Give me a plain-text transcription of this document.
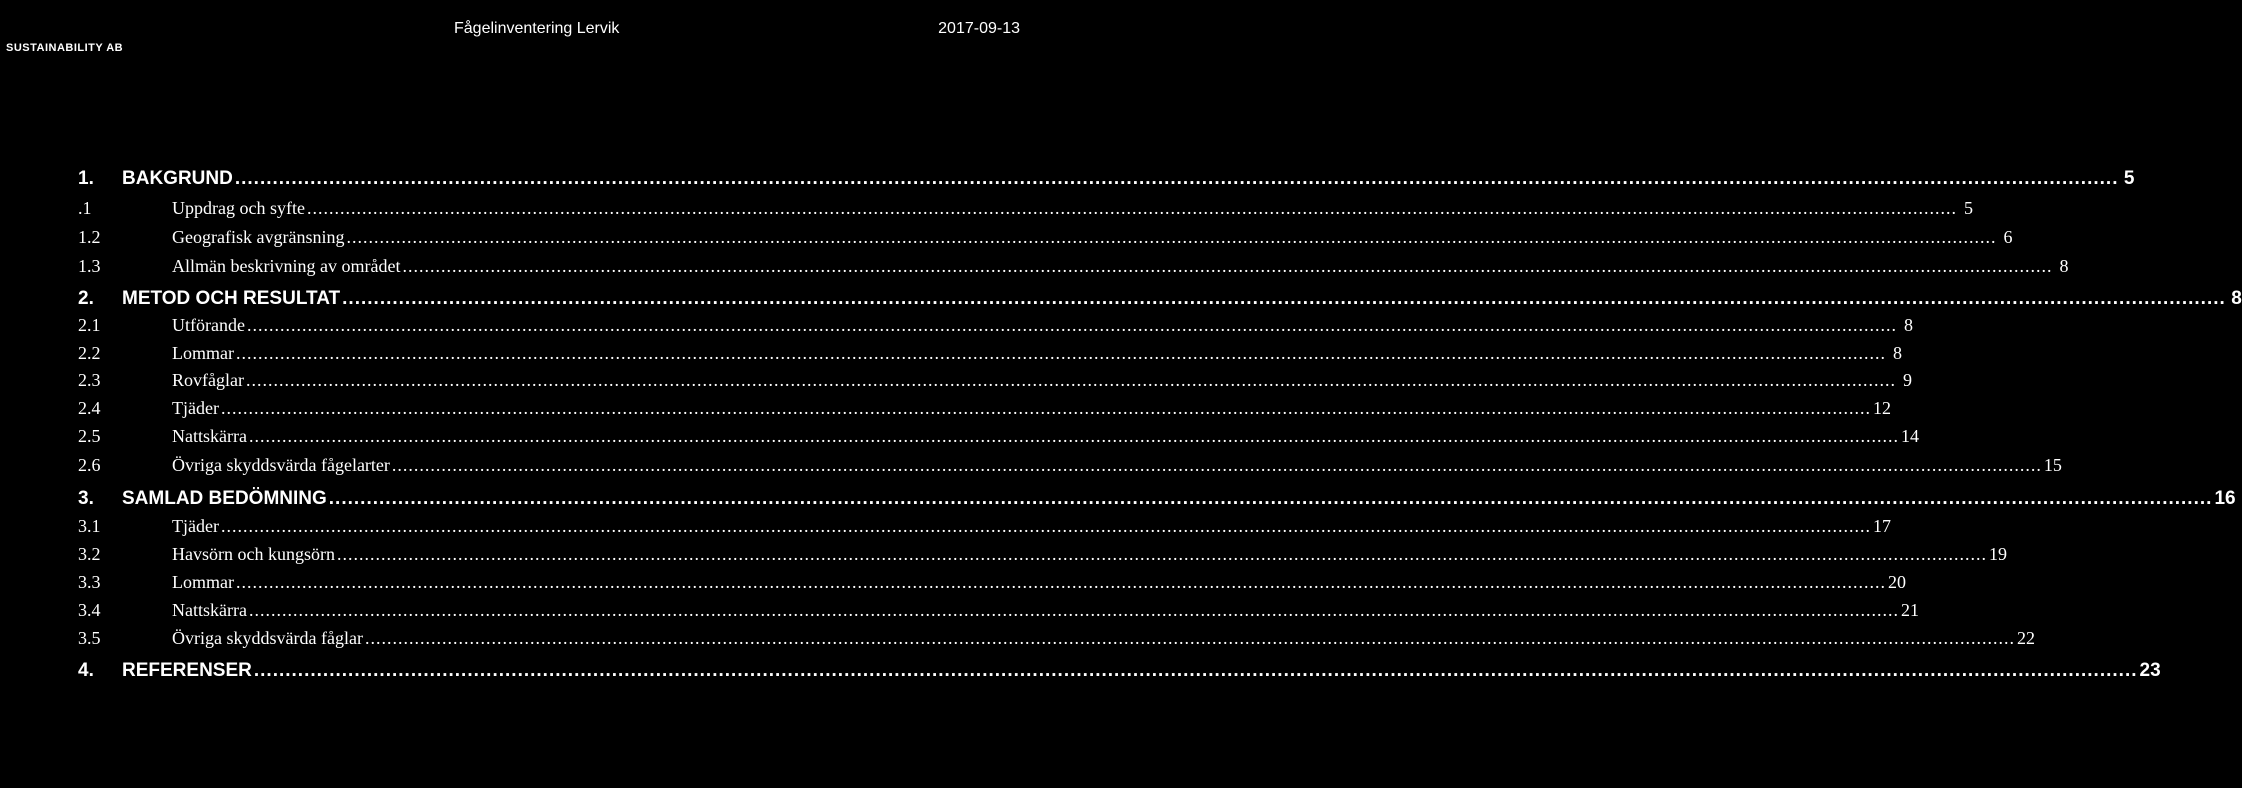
SUSTAINABILITY AB
Fågelinventering Lervik	2017-09-13
1.	BAKGRUND ............................................................................................................................................................................................................................................................................................................ 5
.1	Uppdrag och syfte ............................................................................................................................................................................................................................................................................................................ 5
1.2	Geografisk avgränsning ............................................................................................................................................................................................................................................................................................................ 6
1.3	Allmän beskrivning av området ............................................................................................................................................................................................................................................................................................................ 8
2.	METOD OCH RESULTAT ............................................................................................................................................................................................................................................................................................................ 8
2.1	Utförande ............................................................................................................................................................................................................................................................................................................ 8
2.2	Lommar ............................................................................................................................................................................................................................................................................................................ 8
2.3	Rovfåglar ............................................................................................................................................................................................................................................................................................................ 9
2.4	Tjäder ............................................................................................................................................................................................................................................................................................................ 12
2.5	Nattskärra ............................................................................................................................................................................................................................................................................................................ 14
2.6	Övriga skyddsvärda fågelarter ............................................................................................................................................................................................................................................................................................................ 15
3.	SAMLAD BEDÖMNING ............................................................................................................................................................................................................................................................................................................ 16
3.1	Tjäder ............................................................................................................................................................................................................................................................................................................ 17
3.2	Havsörn och kungsörn ............................................................................................................................................................................................................................................................................................................ 19
3.3	Lommar ............................................................................................................................................................................................................................................................................................................ 20
3.4	Nattskärra ............................................................................................................................................................................................................................................................................................................ 21
3.5	Övriga skyddsvärda fåglar ............................................................................................................................................................................................................................................................................................................ 22
4.	REFERENSER ............................................................................................................................................................................................................................................................................................................ 23
